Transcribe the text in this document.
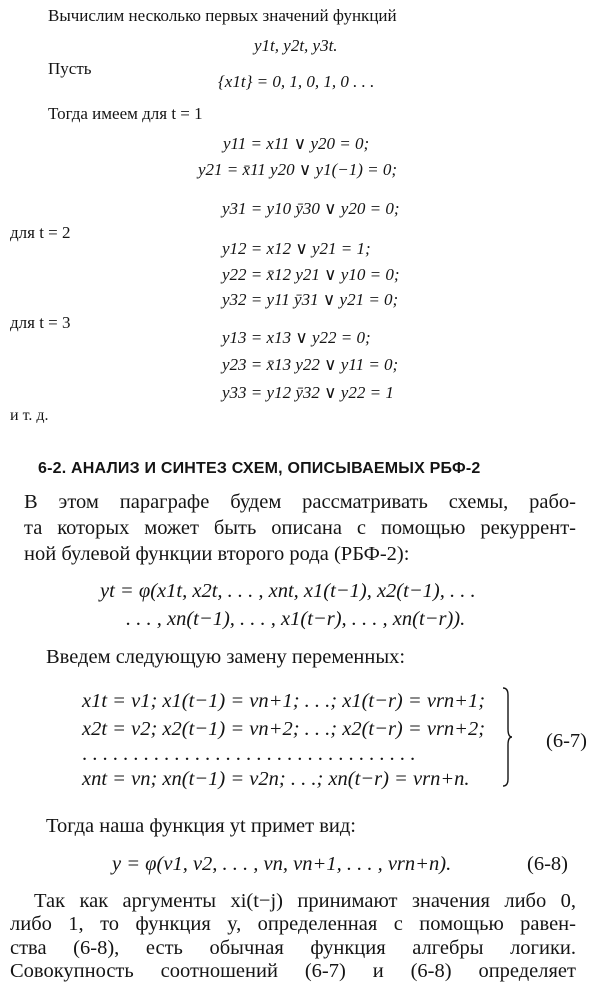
Вычислим несколько первых значений функций
y1t, y2t, y3t.
Пусть
{x1t} = 0, 1, 0, 1, 0 . . .
Тогда имеем для t = 1
y11 = x11 ∨ y20 = 0;
y21 = x̄11 y20 ∨ y1(−1) = 0;
y31 = y10 ȳ30 ∨ y20 = 0;
для t = 2
y12 = x12 ∨ y21 = 1;
y22 = x̄12 y21 ∨ y10 = 0;
y32 = y11 ȳ31 ∨ y21 = 0;
для t = 3
y13 = x13 ∨ y22 = 0;
y23 = x̄13 y22 ∨ y11 = 0;
y33 = y12 ȳ32 ∨ y22 = 1
и т. д.
6-2. АНАЛИЗ И СИНТЕЗ СХЕМ, ОПИСЫВАЕМЫХ РБФ-2
В этом параграфе будем рассматривать схемы, рабо-
та которых может быть описана с помощью рекуррент-
ной булевой функции второго рода (РБФ-2):
yt = φ(x1t, x2t, . . . , xnt, x1(t−1), x2(t−1), . . .
. . . , xn(t−1), . . . , x1(t−r), . . . , xn(t−r)).
Введем следующую замену переменных:
x1t = v1; x1(t−1) = vn+1; . . .; x1(t−r) = vrn+1;
x2t = v2; x2(t−1) = vn+2; . . .; x2(t−r) = vrn+2;
. . . . . . . . . . . . . . . . . . . . . . . . . . . . . . . . .
xnt = vn; xn(t−1) = v2n; . . .; xn(t−r) = vrn+n.
(6-7)
Тогда наша функция yt примет вид:
y = φ(v1, v2, . . . , vn, vn+1, . . . , vrn+n).	(6-8)
Так как аргументы xi(t−j) принимают значения либо 0,
либо 1, то функция y, определенная с помощью равен-
ства (6-8), есть обычная функция алгебры логики.
Совокупность соотношений (6-7) и (6-8) определяет
